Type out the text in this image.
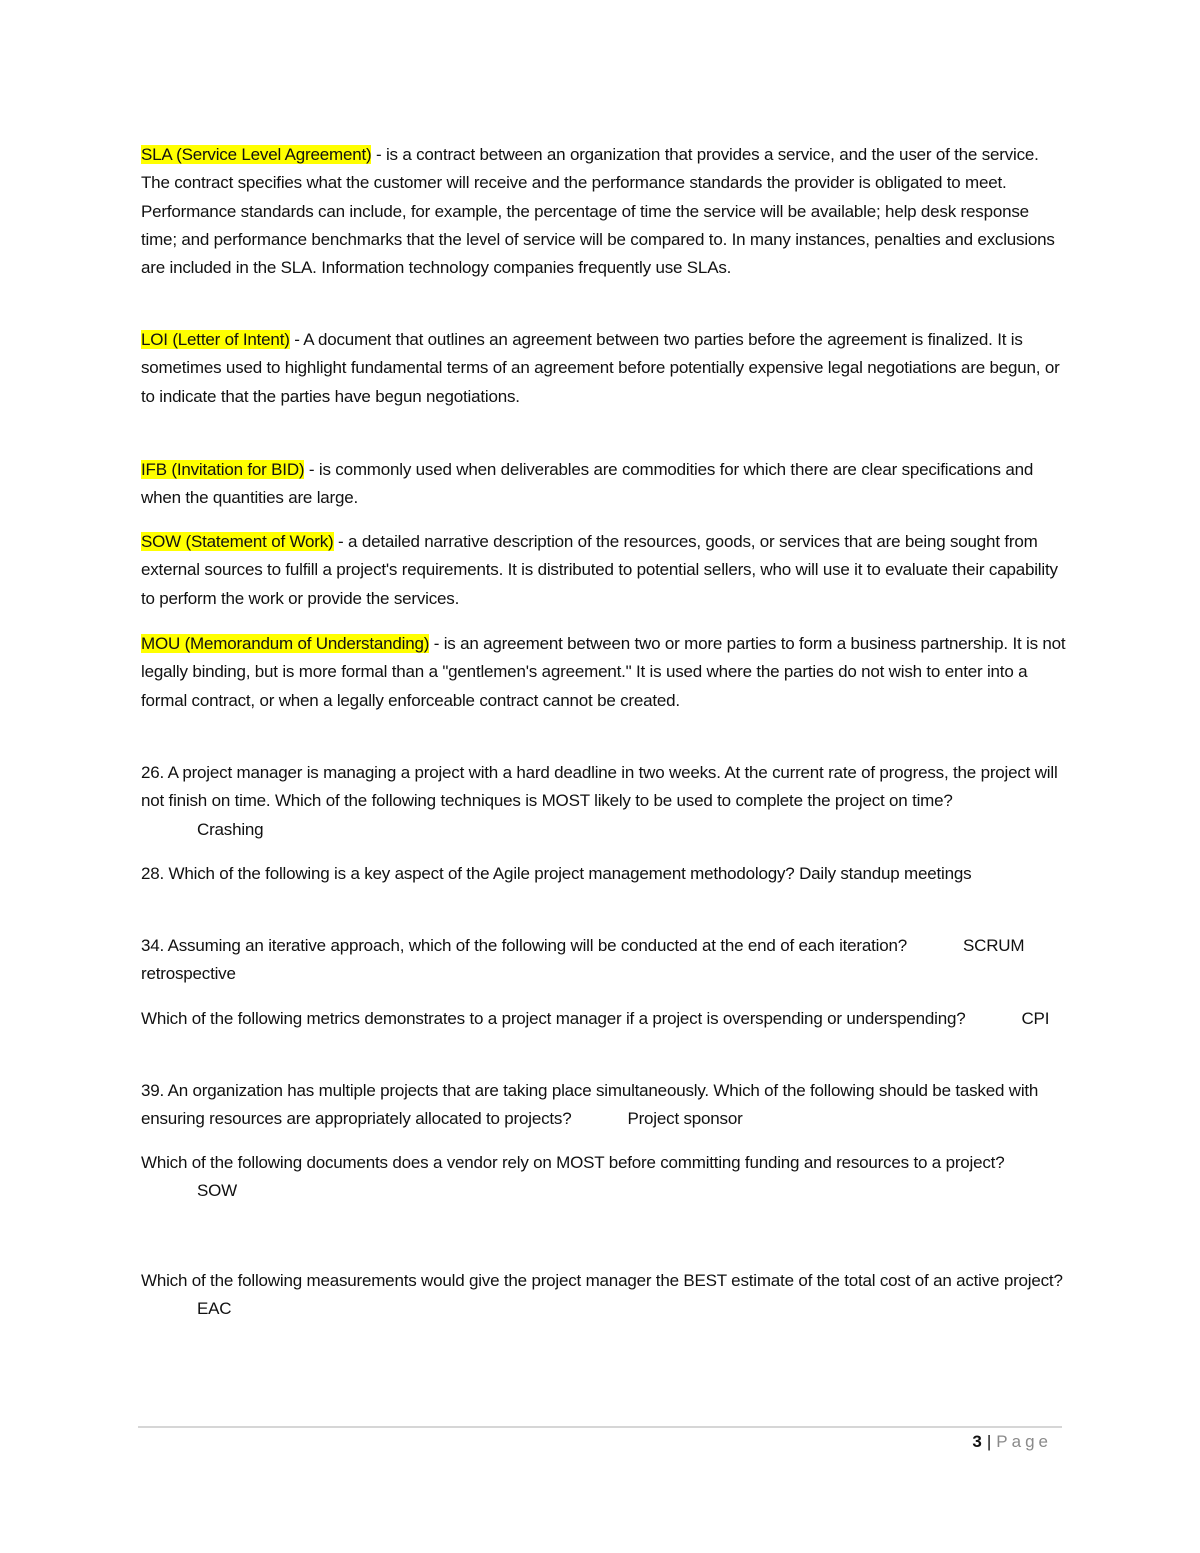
SLA (Service Level Agreement) - is a contract between an organization that provides a service, and the user of the service. The contract specifies what the customer will receive and the performance standards the provider is obligated to meet. Performance standards can include, for example, the percentage of time the service will be available; help desk response time; and performance benchmarks that the level of service will be compared to. In many instances, penalties and exclusions are included in the SLA. Information technology companies frequently use SLAs.

LOI (Letter of Intent) - A document that outlines an agreement between two parties before the agreement is finalized. It is sometimes used to highlight fundamental terms of an agreement before potentially expensive legal negotiations are begun, or to indicate that the parties have begun negotiations.

IFB (Invitation for BID) - is commonly used when deliverables are commodities for which there are clear specifications and when the quantities are large.

SOW (Statement of Work) - a detailed narrative description of the resources, goods, or services that are being sought from external sources to fulfill a project's requirements. It is distributed to potential sellers, who will use it to evaluate their capability to perform the work or provide the services.

MOU (Memorandum of Understanding) - is an agreement between two or more parties to form a business partnership. It is not legally binding, but is more formal than a "gentlemen's agreement." It is used where the parties do not wish to enter into a formal contract, or when a legally enforceable contract cannot be created.

26. A project manager is managing a project with a hard deadline in two weeks. At the current rate of progress, the project will not finish on time. Which of the following techniques is MOST likely to be used to complete the project on time?Crashing

28. Which of the following is a key aspect of the Agile project management methodology? Daily standup meetings

34. Assuming an iterative approach, which of the following will be conducted at the end of each iteration?	SCRUM retrospective

Which of the following metrics demonstrates to a project manager if a project is overspending or underspending?	CPI

39. An organization has multiple projects that are taking place simultaneously. Which of the following should be tasked with ensuring resources are appropriately allocated to projects?	Project sponsor

Which of the following documents does a vendor rely on MOST before committing funding and resources to a project?SOW

Which of the following measurements would give the project manager the BEST estimate of the total cost of an active project?EAC

3 | Page
